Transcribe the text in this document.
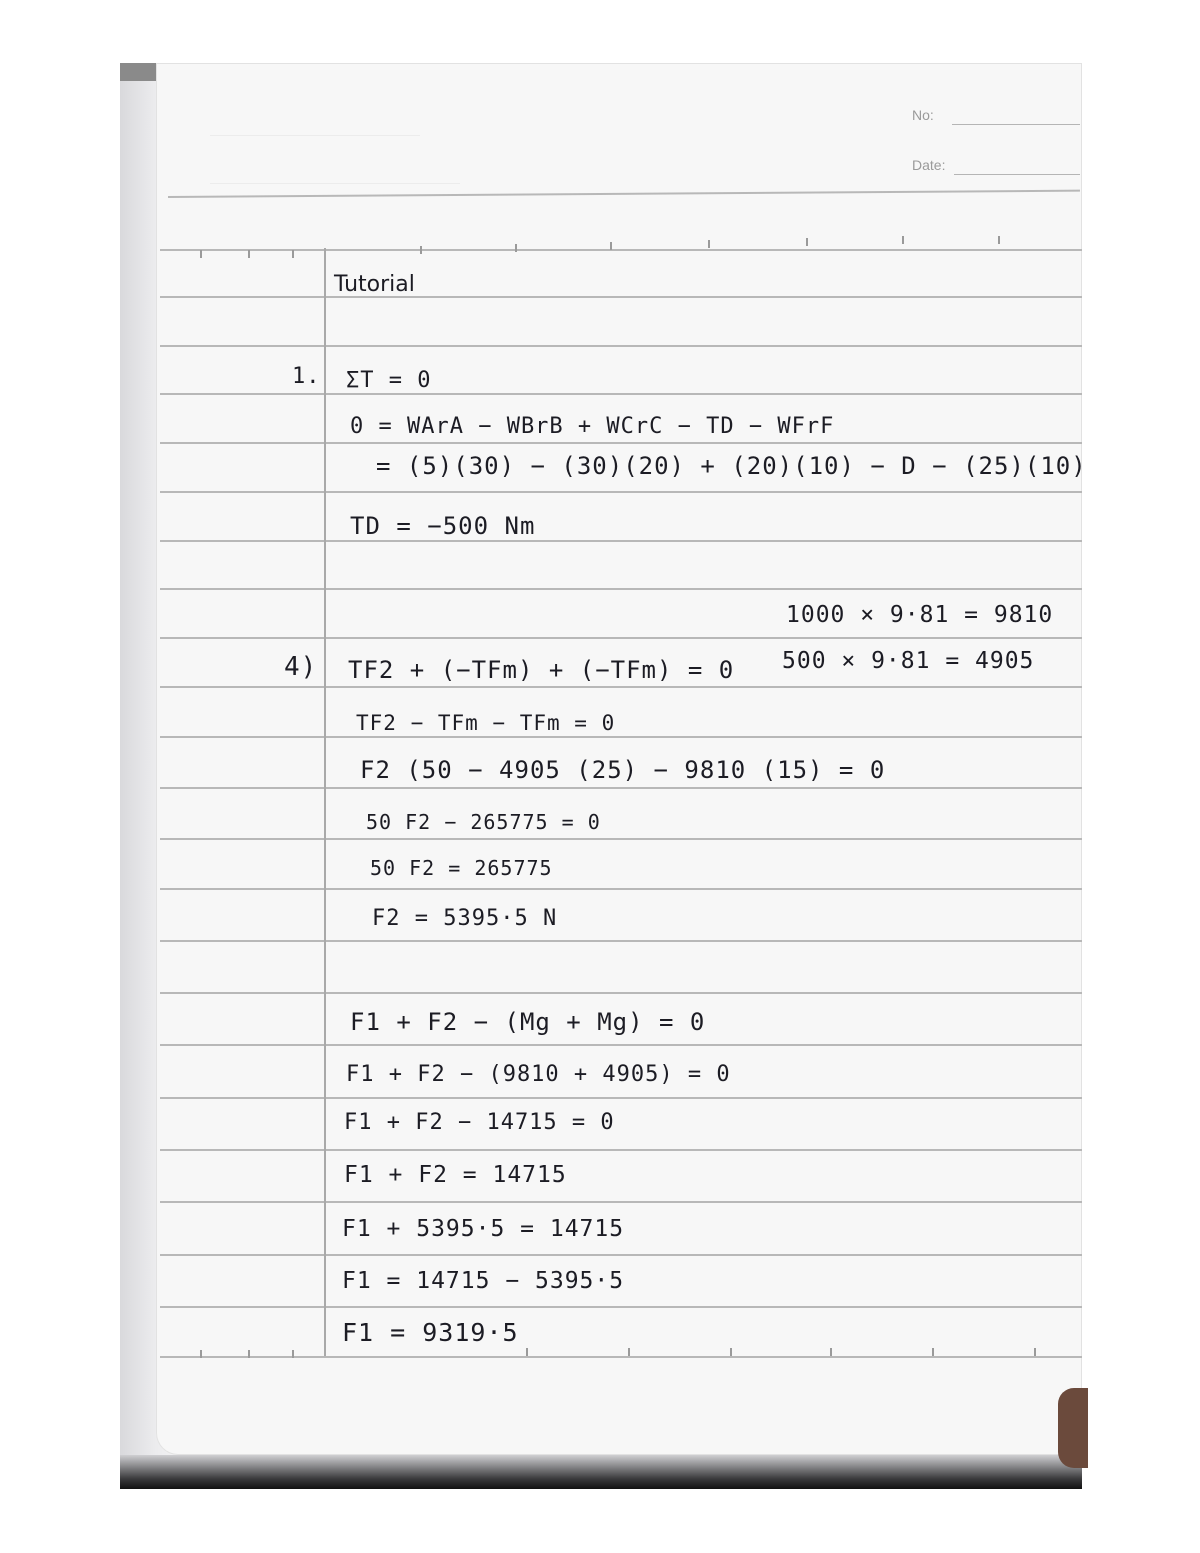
No:
Date:
Tutorial
1. ΣT = 0
0 = WArA − WBrB + WCrC − TD − WFrF
= (5)(30) − (30)(20) + (20)(10) − D − (25)(10)
TD = −500 Nm
1000 × 9·81 = 9810
500 × 9·81 = 4905
4) TF2 + (−TFm) + (−TFm) = 0
TF2 − TFm − TFm = 0
F2 (50 − 4905 (25) − 9810 (15) = 0
50 F2 − 265775 = 0
50 F2 = 265775
F2 = 5395·5 N
F1 + F2 − (Mg + Mg) = 0
F1 + F2 − (9810 + 4905) = 0
F1 + F2 − 14715 = 0
F1 + F2 = 14715
F1 + 5395·5 = 14715
F1 = 14715 − 5395·5
F1 = 9319·5
